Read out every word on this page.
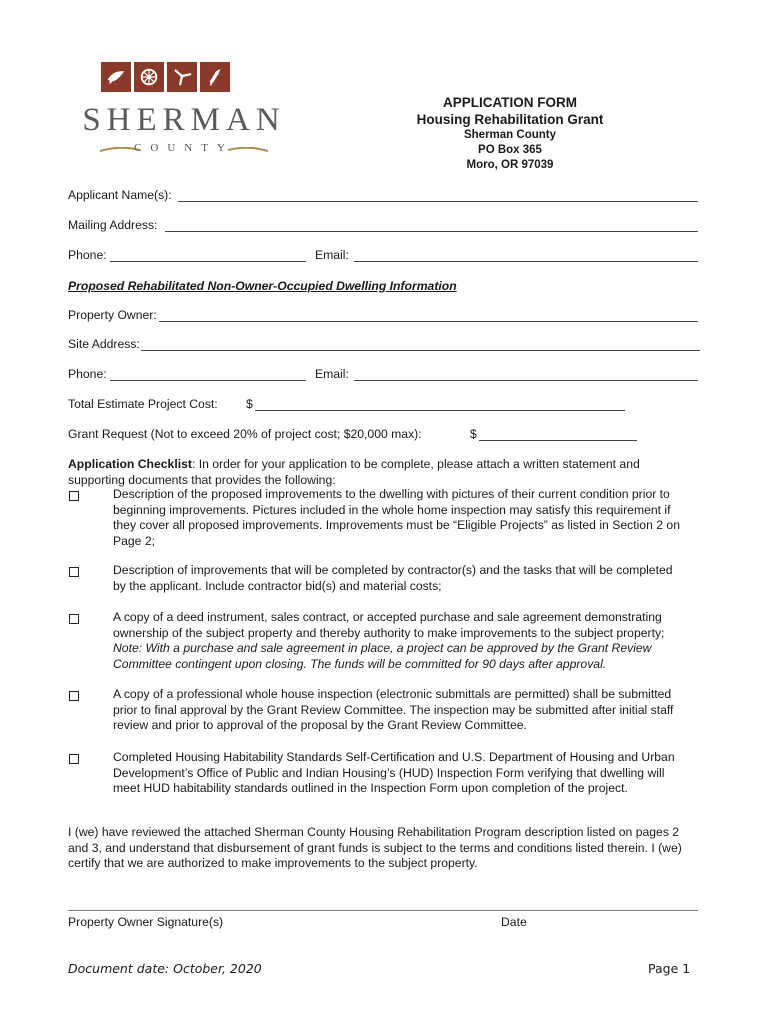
SHERMAN
COUNTY
APPLICATION FORM
Housing Rehabilitation Grant
Sherman County
PO Box 365
Moro, OR 97039
Applicant Name(s):
Mailing Address:
Phone:	Email:
Proposed Rehabilitated Non-Owner-Occupied Dwelling Information
Property Owner:
Site Address:
Phone:	Email:
Total Estimate Project Cost: $
Grant Request (Not to exceed 20% of project cost; $20,000 max):	$
Application Checklist: In order for your application to be complete, please attach a written statement and
supporting documents that provides the following:
Description of the proposed improvements to the dwelling with pictures of their current condition prior to
beginning improvements. Pictures included in the whole home inspection may satisfy this requirement if
they cover all proposed improvements. Improvements must be “Eligible Projects” as listed in Section 2 on
Page 2;
Description of improvements that will be completed by contractor(s) and the tasks that will be completed
by the applicant. Include contractor bid(s) and material costs;
A copy of a deed instrument, sales contract, or accepted purchase and sale agreement demonstrating
ownership of the subject property and thereby authority to make improvements to the subject property;
Note: With a purchase and sale agreement in place, a project can be approved by the Grant Review
Committee contingent upon closing. The funds will be committed for 90 days after approval.
A copy of a professional whole house inspection (electronic submittals are permitted) shall be submitted
prior to final approval by the Grant Review Committee. The inspection may be submitted after initial staff
review and prior to approval of the proposal by the Grant Review Committee.
Completed Housing Habitability Standards Self-Certification and U.S. Department of Housing and Urban
Development’s Office of Public and Indian Housing’s (HUD) Inspection Form verifying that dwelling will
meet HUD habitability standards outlined in the Inspection Form upon completion of the project.
I (we) have reviewed the attached Sherman County Housing Rehabilitation Program description listed on pages 2
and 3, and understand that disbursement of grant funds is subject to the terms and conditions listed therein. I (we)
certify that we are authorized to make improvements to the subject property.
Property Owner Signature(s)	Date
Document date: October, 2020	Page 1
